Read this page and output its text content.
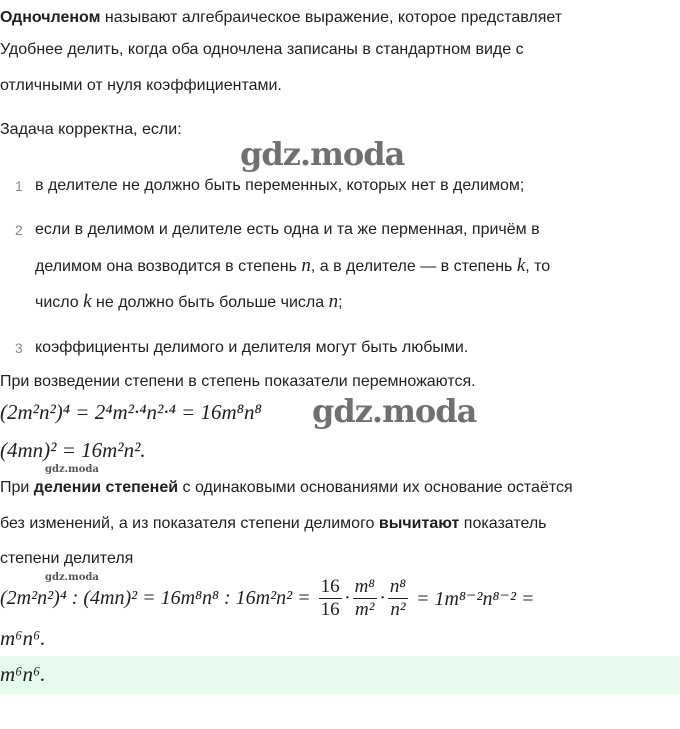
Одночленом называют алгебраическое выражение, которое представляет
Удобнее делить, когда оба одночлена записаны в стандартном виде с
отличными от нуля коэффициентами.
Задача корректна, если:
gdz.moda
1 в делителе не должно быть переменных, которых нет в делимом;
2 если в делимом и делителе есть одна и та же перменная, причём в
делимом она возводится в степень n, а в делителе — в степень k, то
число k не должно быть больше числа n;
3 коэффициенты делимого и делителя могут быть любыми.
При возведении степени в степень показатели перемножаются.
(2m²n²)⁴ = 2⁴m²·⁴n²·⁴ = 16m⁸n⁸ gdz.moda
(4mn)² = 16m²n².
gdz.moda
При делении степеней с одинаковыми основаниями их основание остаётся
без изменений, а из показателя степени делимого вычитают показатель
степени делителя
gdz.moda
(2m²n²)⁴ : (4mn)² = 16m⁸n⁸ : $16m^2n^2 = \frac{16}{16} \cdot \frac{\text{m⁸}}{\text{m²}} \cdot \frac{\text{n⁸}}{\text{n²}} = 1m^{8-2}n^{8-2}$ =
m⁶n⁶.
m⁶n⁶.
